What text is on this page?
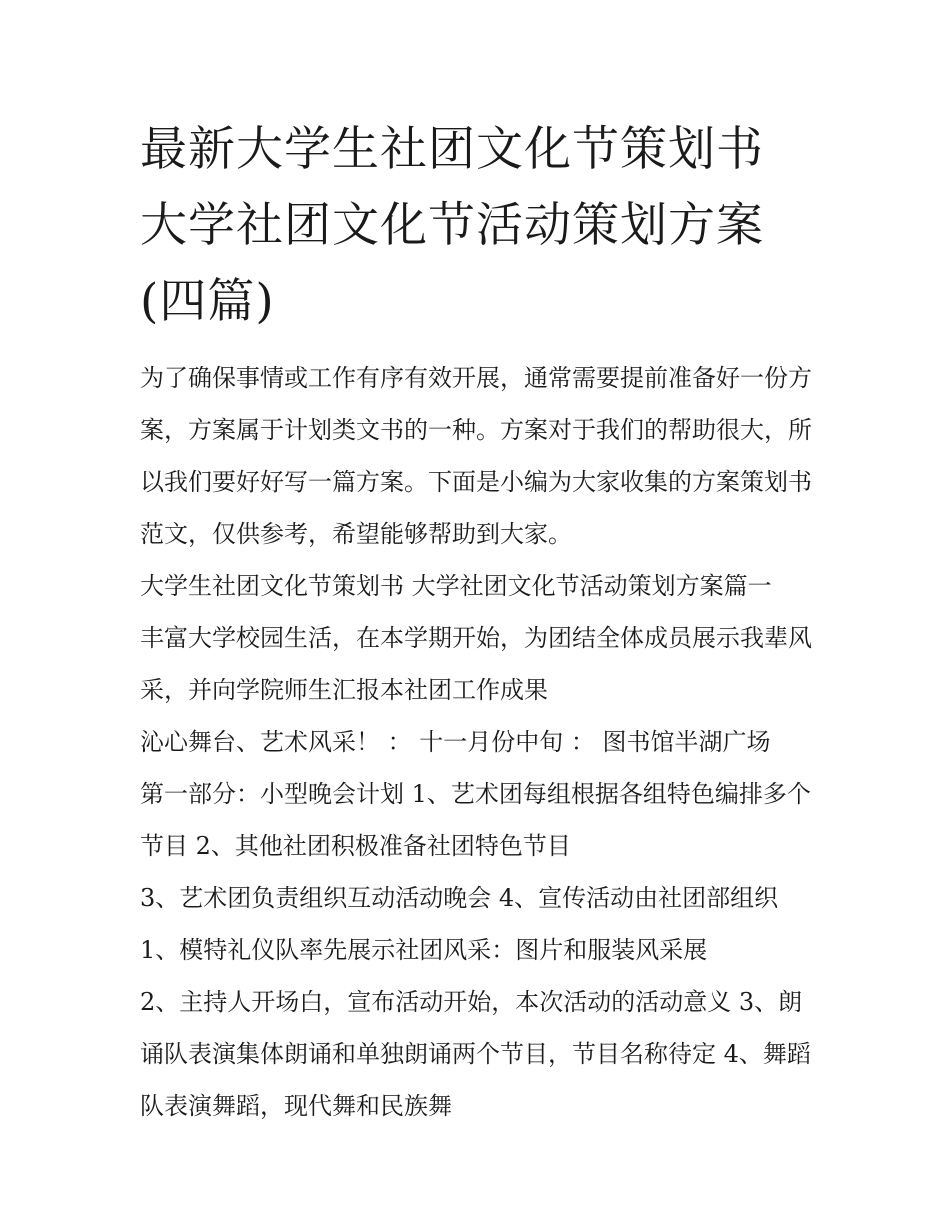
最新大学生社团文化节策划书 大学社团文化节活动策划方案(四篇)

为了确保事情或工作有序有效开展，通常需要提前准备好一份方案，方案属于计划类文书的一种。方案对于我们的帮助很大，所以我们要好好写一篇方案。下面是小编为大家收集的方案策划书范文，仅供参考，希望能够帮助到大家。

大学生社团文化节策划书 大学社团文化节活动策划方案篇一

丰富大学校园生活，在本学期开始，为团结全体成员展示我辈风采，并向学院师生汇报本社团工作成果

沁心舞台、艺术风采！ ： 十一月份中旬 ： 图书馆半湖广场

第一部分：小型晚会计划 1、艺术团每组根据各组特色编排多个节目 2、其他社团积极准备社团特色节目

3、艺术团负责组织互动活动晚会 4、宣传活动由社团部组织

1、模特礼仪队率先展示社团风采：图片和服装风采展

2、主持人开场白，宣布活动开始，本次活动的活动意义 3、朗诵队表演集体朗诵和单独朗诵两个节目，节目名称待定 4、舞蹈队表演舞蹈，现代舞和民族舞
